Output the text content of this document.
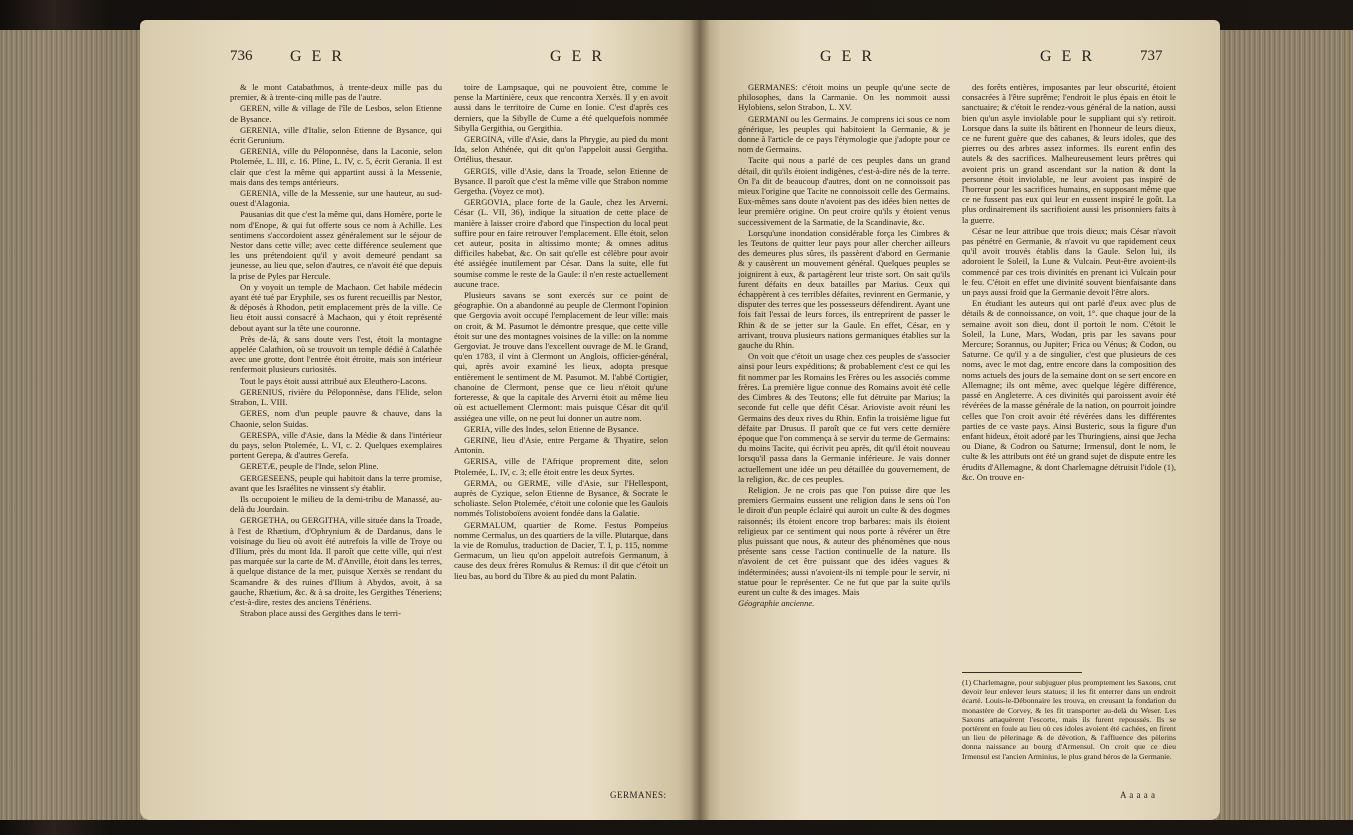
736 G E R	G E R

& le mont Catabathmos, à trente-deux mille pas du premier, & à trente-cinq mille pas de l'autre.

GEREN, ville & village de l'île de Lesbos, selon Etienne de Bysance.

GERENIA, ville d'Italie, selon Etienne de Bysance, qui écrit Gerunium.

GERENIA, ville du Péloponnèse, dans la Laconie, selon Ptolemée, L. III, c. 16. Pline, L. IV, c. 5, écrit Gerania. Il est clair que c'est la même qui appartint aussi à la Messenie, mais dans des temps antérieurs.

GERENIA, ville de la Messenie, sur une hauteur, au sud-ouest d'Alagonia.

Pausanias dit que c'est la même qui, dans Homère, porte le nom d'Enope, & qui fut offerte sous ce nom à Achille. Les sentimens s'accordoient assez généralement sur le séjour de Nestor dans cette ville; avec cette différence seulement que les uns prétendoient qu'il y avoit demeuré pendant sa jeunesse, au lieu que, selon d'autres, ce n'avoit été que depuis la prise de Pyles par Hercule.

On y voyoit un temple de Machaon. Cet habile médecin ayant été tué par Eryphile, ses os furent recueillis par Nestor, & déposés à Rhodon, petit emplacement près de la ville. Ce lieu étoit aussi consacré à Machaon, qui y étoit représenté debout ayant sur la tête une couronne.

Près de-là, & sans doute vers l'est, étoit la montagne appelée Calathion, où se trouvoit un temple dédié à Calathée avec une grotte, dont l'entrée étoit étroite, mais son intérieur renfermoit plusieurs curiosités.

Tout le pays étoit aussi attribué aux Eleuthero-Lacons.

GERENIUS, rivière du Péloponnèse, dans l'Elide, selon Strabon, L. VIII.

GERES, nom d'un peuple pauvre & chauve, dans la Chaonie, selon Suidas.

GERESPA, ville d'Asie, dans la Médie & dans l'intérieur du pays, selon Ptolemée, L. VI, c. 2. Quelques exemplaires portent Gerepa, & d'autres Gerefa.

GERETÆ, peuple de l'Inde, selon Pline.

GERGESEENS, peuple qui habitoit dans la terre promise, avant que les Israélites ne vinssent s'y établir.

Ils occupoient le milieu de la demi-tribu de Manassé, au-delà du Jourdain.

GERGETHA, ou GERGITHA, ville située dans la Troade, à l'est de Rhætium, d'Ophrynium & de Dardanus, dans le voisinage du lieu où avoit été autrefois la ville de Troye ou d'Ilium, près du mont Ida. Il paroît que cette ville, qui n'est pas marquée sur la carte de M. d'Anville, étoit dans les terres, à quelque distance de la mer, puisque Xerxès se rendant du Scamandre & des ruines d'Ilium à Abydos, avoit, à sa gauche, Rhætium, &c. & à sa droite, les Gergithes Téneriens; c'est-à-dire, restes des anciens Ténériens.

Strabon place aussi des Gergithes dans le terri-

toire de Lampsaque, qui ne pouvoient être, comme le pense la Martinière, ceux que rencontra Xerxès. Il y en avoit aussi dans le territoire de Cume en Ionie. C'est d'après ces derniers, que la Sibylle de Cume a été quelquefois nommée Sibylla Gergithia, ou Gergithia.

GERGINA, ville d'Asie, dans la Phrygie, au pied du mont Ida, selon Athénée, qui dit qu'on l'appeloit aussi Gergitha. Ortélius, thesaur.

GERGIS, ville d'Asie, dans la Troade, selon Etienne de Bysance. Il paroît que c'est la même ville que Strabon nomme Gergetha. (Voyez ce mot).

GERGOVIA, place forte de la Gaule, chez les Arverni. César (L. VII, 36), indique la situation de cette place de manière à laisser croire d'abord que l'inspection du local peut suffire pour en faire retrouver l'emplacement. Elle étoit, selon cet auteur, posita in altissimo monte; & omnes aditus difficiles habebat, &c. On sait qu'elle est célèbre pour avoir été assiégée inutilement par César. Dans la suite, elle fut soumise comme le reste de la Gaule: il n'en reste actuellement aucune trace.

Plusieurs savans se sont exercés sur ce point de géographie. On a abandonné au peuple de Clermont l'opinion que Gergovia avoit occupé l'emplacement de leur ville: mais on croit, & M. Pasumot le démontre presque, que cette ville étoit sur une des montagnes voisines de la ville: on la nomme Gergoviat. Je trouve dans l'excellent ouvrage de M. le Grand, qu'en 1783, il vint à Clermont un Anglois, officier-général, qui, après avoir examiné les lieux, adopta presque entièrement le sentiment de M. Pasumot. M. l'abbé Cortigier, chanoine de Clermont, pense que ce lieu n'étoit qu'une forteresse, & que la capitale des Arverni étoit au même lieu où est actuellement Clermont: mais puisque César dit qu'il assiégea une ville, on ne peut lui donner un autre nom.

GERIA, ville des Indes, selon Etienne de Bysance.

GERINE, lieu d'Asie, entre Pergame & Thyatire, selon Antonin.

GERISA, ville de l'Afrique proprement dite, selon Ptolemée, L. IV, c. 3; elle étoit entre les deux Syrtes.

GERMA, ou GERME, ville d'Asie, sur l'Hellespont, auprès de Cyzique, selon Etienne de Bysance, & Socrate le scholiaste. Selon Ptolemée, c'étoit une colonie que les Gaulois nommés Tolistoboïens avoient fondée dans la Galatie.

GERMALUM, quartier de Rome. Festus Pompeius nomme Cermalus, un des quartiers de la ville. Plutarque, dans la vie de Romulus, traduction de Dacier, T. I, p. 115, nomme Germacum, un lieu qu'on appeloit autrefois Germanum, à cause des deux frères Romulus & Remus: il dit que c'étoit un lieu bas, au bord du Tibre & au pied du mont Palatin.

GERMANES:
G E R	G E R	737

GERMANES: c'étoit moins un peuple qu'une secte de philosophes, dans la Carmanie. On les nommoit aussi Hylobiens, selon Strabon, L. XV.

GERMANI ou les Germains. Je comprens ici sous ce nom générique, les peuples qui habitoient la Germanie, & je donne à l'article de ce pays l'étymologie que j'adopte pour ce nom de Germains.

Tacite qui nous a parlé de ces peuples dans un grand détail, dit qu'ils étoient indigènes, c'est-à-dire nés de la terre. On l'a dit de beaucoup d'autres, dont on ne connoissoit pas mieux l'origine que Tacite ne connoissoit celle des Germains. Eux-mêmes sans doute n'avoient pas des idées bien nettes de leur première origine. On peut croire qu'ils y étoient venus successivement de la Sarmatie, de la Scandinavie, &c.

Lorsqu'une inondation considérable força les Cimbres & les Teutons de quitter leur pays pour aller chercher ailleurs des demeures plus sûres, ils passèrent d'abord en Germanie & y causèrent un mouvement général. Quelques peuples se joignirent à eux, & partagèrent leur triste sort. On sait qu'ils furent défaits en deux batailles par Marius. Ceux qui échappèrent à ces terribles défaites, revinrent en Germanie, y disputer des terres que les possesseurs défendirent. Ayant une fois fait l'essai de leurs forces, ils entreprirent de passer le Rhin & de se jetter sur la Gaule. En effet, César, en y arrivant, trouva plusieurs nations germaniques établies sur la gauche du Rhin.

On voit que c'étoit un usage chez ces peuples de s'associer ainsi pour leurs expéditions; & probablement c'est ce qui les fit nommer par les Romains les Frères ou les associés comme frères. La première ligue connue des Romains avoit été celle des Cimbres & des Teutons; elle fut détruite par Marius; la seconde fut celle que défit César. Arioviste avoit réuni les Germains des deux rives du Rhin. Enfin la troisième ligue fut défaite par Drusus. Il paroît que ce fut vers cette dernière époque que l'on commença à se servir du terme de Germains: du moins Tacite, qui écrivit peu après, dit qu'il étoit nouveau lorsqu'il passa dans la Germanie inférieure. Je vais donner actuellement une idée un peu détaillée du gouvernement, de la religion, &c. de ces peuples.

Religion. Je ne crois pas que l'on puisse dire que les premiers Germains eussent une religion dans le sens où l'on le diroit d'un peuple éclairé qui auroit un culte & des dogmes raisonnés; ils étoient encore trop barbares: mais ils étoient religieux par ce sentiment qui nous porte à révérer un être plus puissant que nous, & auteur des phénomènes que nous présente sans cesse l'action continuelle de la nature. Ils n'avoient de cet être puissant que des idées vagues & indéterminées; aussi n'avoient-ils ni temple pour le servir, ni statue pour le représenter. Ce ne fut que par la suite qu'ils eurent un culte & des images. Mais

Géographie ancienne.

des forêts entières, imposantes par leur obscurité, étoient consacrées à l'être suprême; l'endroit le plus épais en étoit le sanctuaire; & c'étoit le rendez-vous général de la nation, aussi bien qu'un asyle inviolable pour le suppliant qui s'y retiroit. Lorsque dans la suite ils bâtirent en l'honneur de leurs dieux, ce ne furent guère que des cabanes, & leurs idoles, que des pierres ou des arbres assez informes. Ils eurent enfin des autels & des sacrifices. Malheureusement leurs prêtres qui avoient pris un grand ascendant sur la nation & dont la personne étoit inviolable, ne leur avoient pas inspiré de l'horreur pour les sacrifices humains, en supposant même que ce ne fussent pas eux qui leur en eussent inspiré le goût. La plus ordinairement ils sacrifioient aussi les prisonniers faits à la guerre.

César ne leur attribue que trois dieux; mais César n'avoit pas pénétré en Germanie, & n'avoit vu que rapidement ceux qu'il avoit trouvés établis dans la Gaule. Selon lui, ils adoroient le Soleil, la Lune & Vulcain. Peut-être avoient-ils commencé par ces trois divinités en prenant ici Vulcain pour le feu. C'étoit en effet une divinité souvent bienfaisante dans un pays aussi froid que la Germanie devoit l'être alors.

En étudiant les auteurs qui ont parlé d'eux avec plus de détails & de connoissance, on voit, 1°. que chaque jour de la semaine avoit son dieu, dont il portoit le nom. C'étoit le Soleil, la Lune, Mars, Wodan, pris par les savans pour Mercure; Sorannus, ou Jupiter; Frica ou Vénus; & Codon, ou Saturne. Ce qu'il y a de singulier, c'est que plusieurs de ces noms, avec le mot dag, entre encore dans la composition des noms actuels des jours de la semaine dont on se sert encore en Allemagne; ils ont même, avec quelque légère différence, passé en Angleterre. A ces divinités qui paroissent avoir été révérées de la masse générale de la nation, on pourroit joindre celles que l'on croit avoir été révérées dans les différentes parties de ce vaste pays. Ainsi Busteric, sous la figure d'un enfant hideux, étoit adoré par les Thuringiens, ainsi que Jecha ou Diane, & Codron ou Saturne; Irmensul, dont le nom, le culte & les attributs ont été un grand sujet de dispute entre les érudits d'Allemagne, & dont Charlemagne détruisit l'idole (1), &c. On trouve en-

(1) Charlemagne, pour subjuguer plus promptement les Saxons, crut devoir leur enlever leurs statues; il les fit enterrer dans un endroit écarté. Louis-le-Débonnaire les trouva, en creusant la fondation du monastère de Corvey, & les fit transporter au-delà du Weser. Les Saxons attaquèrent l'escorte, mais ils furent repoussés. Ils se portèrent en foule au lieu où ces idoles avoient été cachées, en firent un lieu de pèlerinage & de dévotion, & l'affluence des pèlerins donna naissance au bourg d'Armensul. On croit que ce dieu Irmensul est l'ancien Arminius, le plus grand héros de la Germanie.
A a a a a
